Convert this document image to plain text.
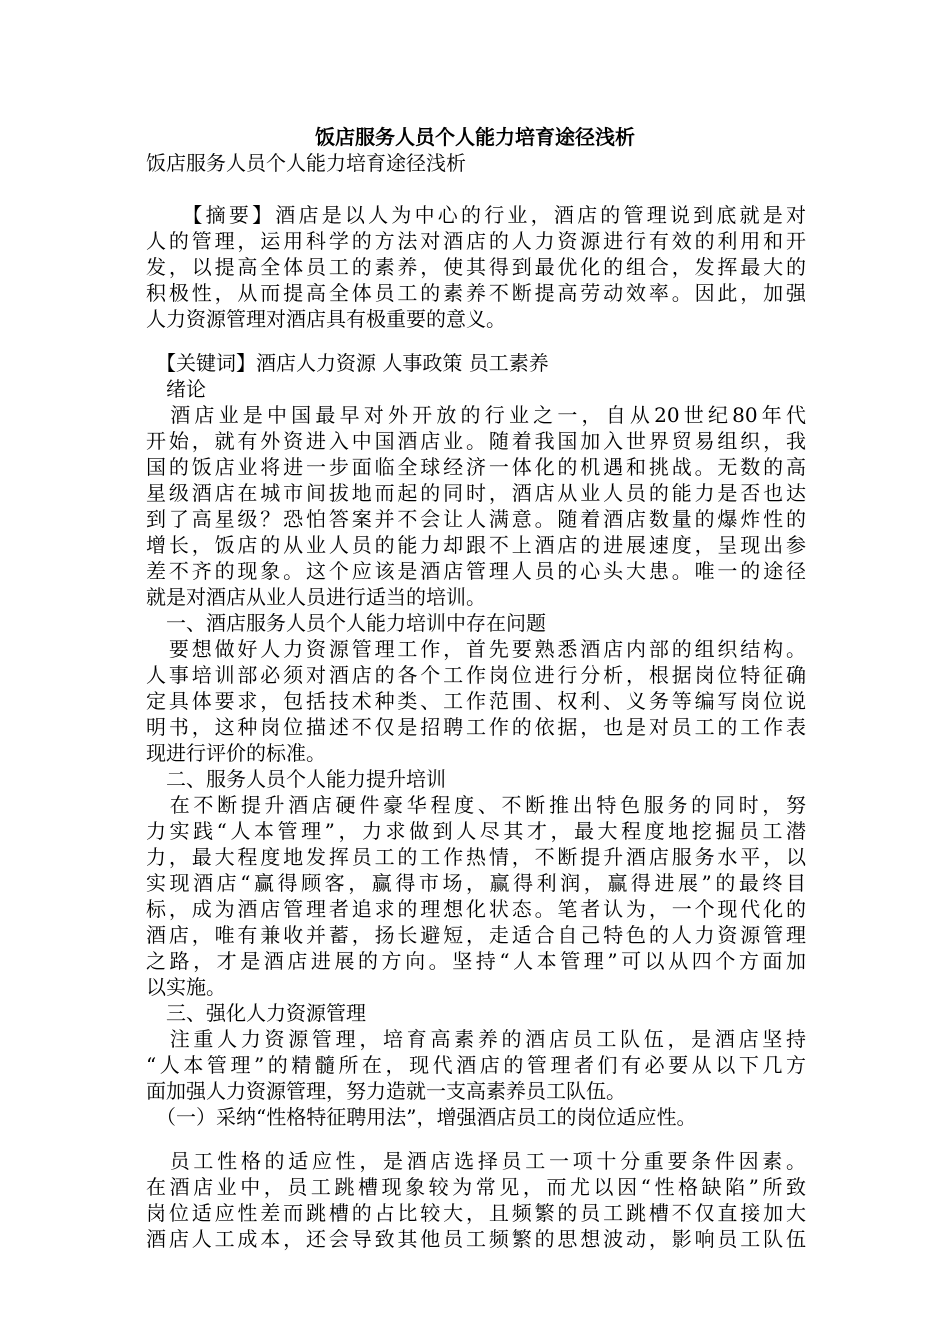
饭店服务人员个人能力培育途径浅析
饭店服务人员个人能力培育途径浅析
　　【摘要】酒店是以人为中心的行业，酒店的管理说到底就是对
人的管理，运用科学的方法对酒店的人力资源进行有效的利用和开
发，以提高全体员工的素养，使其得到最优化的组合，发挥最大的
积极性，从而提高全体员工的素养不断提高劳动效率。因此，加强
人力资源管理对酒店具有极重要的意义。
　【关键词】酒店人力资源 人事政策 员工素养
　绪论
　酒店业是中国最早对外开放的行业之一，自从20世纪80年代
开始，就有外资进入中国酒店业。随着我国加入世界贸易组织，我
国的饭店业将进一步面临全球经济一体化的机遇和挑战。无数的高
星级酒店在城市间拔地而起的同时，酒店从业人员的能力是否也达
到了高星级？恐怕答案并不会让人满意。随着酒店数量的爆炸性的
增长，饭店的从业人员的能力却跟不上酒店的进展速度，呈现出参
差不齐的现象。这个应该是酒店管理人员的心头大患。唯一的途径
就是对酒店从业人员进行适当的培训。
　一、酒店服务人员个人能力培训中存在问题
　要想做好人力资源管理工作，首先要熟悉酒店内部的组织结构。
人事培训部必须对酒店的各个工作岗位进行分析，根据岗位特征确
定具体要求，包括技术种类、工作范围、权利、义务等编写岗位说
明书，这种岗位描述不仅是招聘工作的依据，也是对员工的工作表
现进行评价的标准。
　二、服务人员个人能力提升培训
　在不断提升酒店硬件豪华程度、不断推出特色服务的同时，努
力实践“人本管理”，力求做到人尽其才，最大程度地挖掘员工潜
力，最大程度地发挥员工的工作热情，不断提升酒店服务水平，以
实现酒店“赢得顾客，赢得市场，赢得利润，赢得进展”的最终目
标，成为酒店管理者追求的理想化状态。笔者认为，一个现代化的
酒店，唯有兼收并蓄，扬长避短，走适合自己特色的人力资源管理
之路，才是酒店进展的方向。坚持“人本管理”可以从四个方面加
以实施。
　三、强化人力资源管理
　注重人力资源管理，培育高素养的酒店员工队伍，是酒店坚持
“人本管理”的精髓所在，现代酒店的管理者们有必要从以下几方
面加强人力资源管理，努力造就一支高素养员工队伍。
　（一）采纳“性格特征聘用法”，增强酒店员工的岗位适应性。
　员工性格的适应性，是酒店选择员工一项十分重要条件因素。
在酒店业中，员工跳槽现象较为常见，而尤以因“性格缺陷”所致
岗位适应性差而跳槽的占比较大，且频繁的员工跳槽不仅直接加大
酒店人工成本，还会导致其他员工频繁的思想波动，影响员工队伍
